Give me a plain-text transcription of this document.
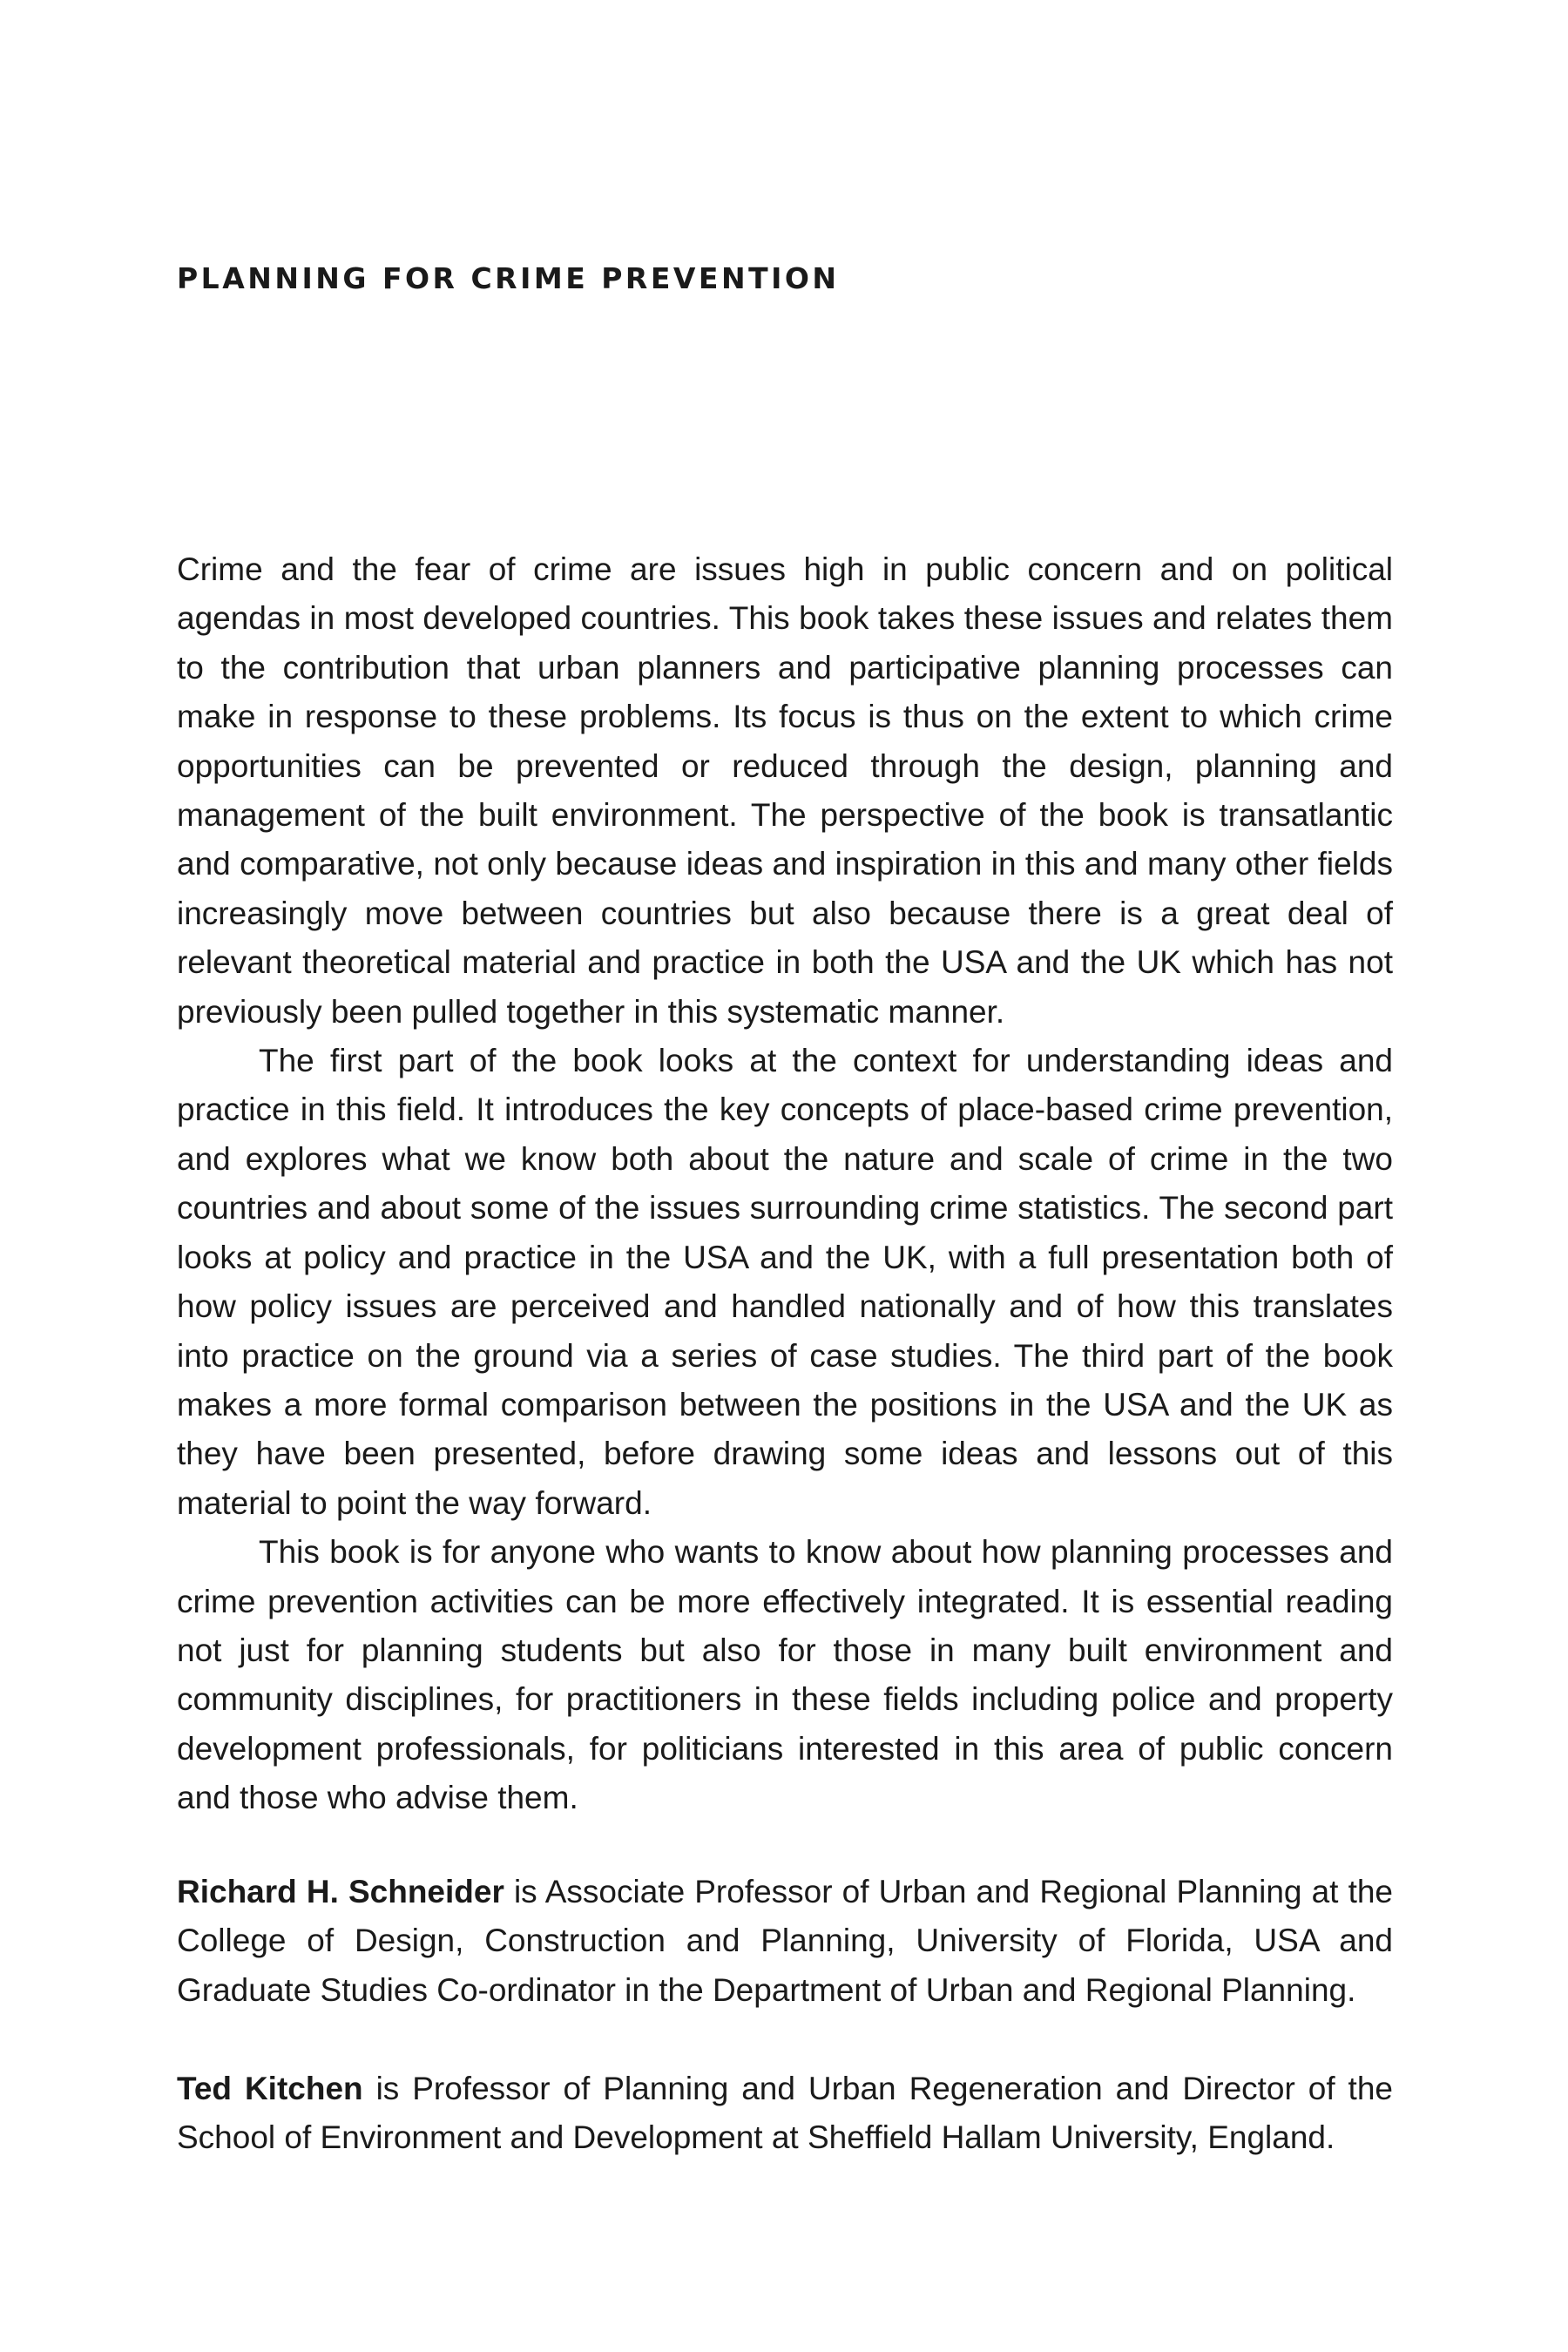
PLANNING FOR CRIME PREVENTION

Crime and the fear of crime are issues high in public concern and on political agendas in most developed countries. This book takes these issues and relates them to the contribution that urban planners and participative planning processes can make in response to these problems. Its focus is thus on the extent to which crime opportunities can be prevented or reduced through the design, planning and management of the built environment. The perspective of the book is transatlantic and comparative, not only because ideas and inspiration in this and many other fields increasingly move between countries but also because there is a great deal of relevant theoretical material and practice in both the USA and the UK which has not previously been pulled together in this systematic manner.

The first part of the book looks at the context for understanding ideas and practice in this field. It introduces the key concepts of place-based crime prevention, and explores what we know both about the nature and scale of crime in the two countries and about some of the issues surrounding crime statistics. The second part looks at policy and practice in the USA and the UK, with a full presentation both of how policy issues are perceived and handled nationally and of how this translates into practice on the ground via a series of case studies. The third part of the book makes a more formal comparison between the positions in the USA and the UK as they have been presented, before drawing some ideas and lessons out of this material to point the way forward.

This book is for anyone who wants to know about how planning processes and crime prevention activities can be more effectively integrated. It is essential reading not just for planning students but also for those in many built environment and community disciplines, for practitioners in these fields including police and property development professionals, for politicians interested in this area of public concern and those who advise them.

Richard H. Schneider is Associate Professor of Urban and Regional Planning at the College of Design, Construction and Planning, University of Florida, USA and Graduate Studies Co-ordinator in the Department of Urban and Regional Planning.

Ted Kitchen is Professor of Planning and Urban Regeneration and Director of the School of Environment and Development at Sheffield Hallam University, England.
